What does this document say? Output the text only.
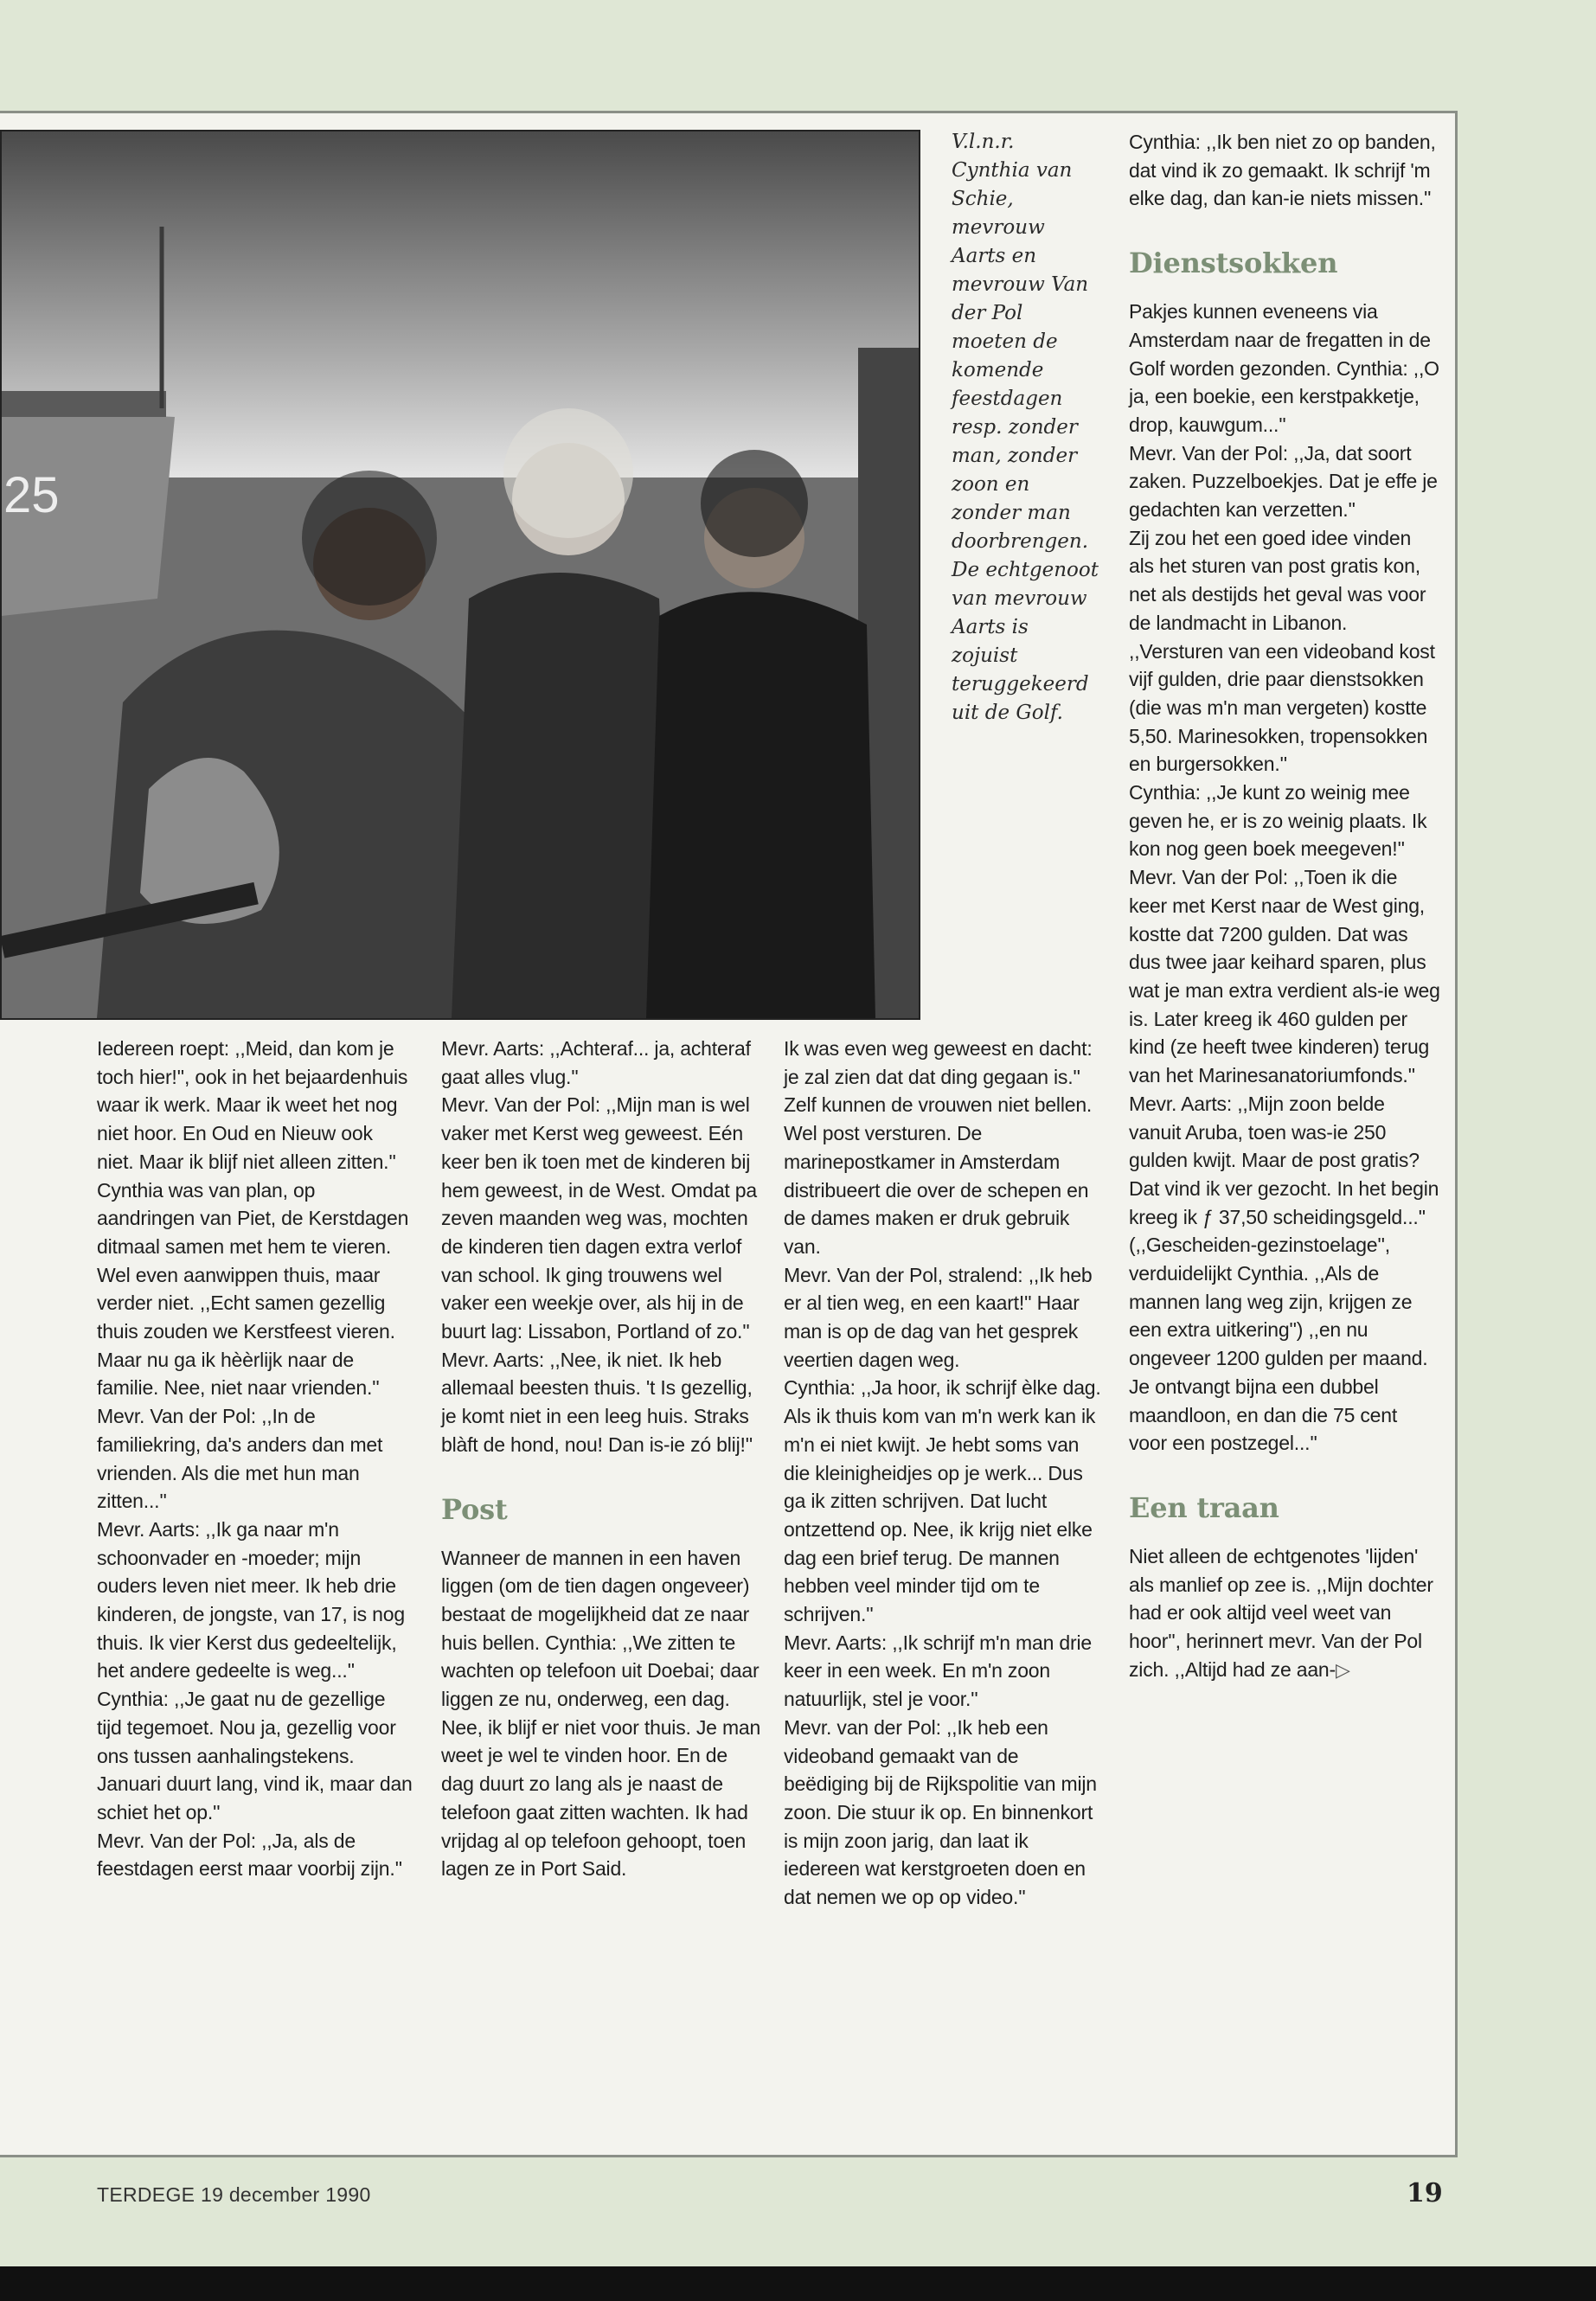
25
V.l.n.r. Cynthia van Schie, mevrouw Aarts en mevrouw Van der Pol moeten de komende feestdagen resp. zonder man, zonder zoon en zonder man doorbrengen. De echtgenoot van mevrouw Aarts is zojuist teruggekeerd uit de Golf.

Iedereen roept: ,,Meid, dan kom je toch hier!'', ook in het bejaardenhuis waar ik werk. Maar ik weet het nog niet hoor. En Oud en Nieuw ook niet. Maar ik blijf niet alleen zitten.''
Cynthia was van plan, op aandringen van Piet, de Kerstdagen ditmaal samen met hem te vieren. Wel even aanwippen thuis, maar verder niet. ,,Echt samen gezellig thuis zouden we Kerstfeest vieren. Maar nu ga ik hèèrlijk naar de familie. Nee, niet naar vrienden.''
Mevr. Van der Pol: ,,In de familiekring, da's anders dan met vrienden. Als die met hun man zitten...''
Mevr. Aarts: ,,Ik ga naar m'n schoonvader en -moeder; mijn ouders leven niet meer. Ik heb drie kinderen, de jongste, van 17, is nog thuis. Ik vier Kerst dus gedeeltelijk, het andere gedeelte is weg...''
Cynthia: ,,Je gaat nu de gezellige tijd tegemoet. Nou ja, gezellig voor ons tussen aanhalingstekens. Januari duurt lang, vind ik, maar dan schiet het op.''
Mevr. Van der Pol: ,,Ja, als de feestdagen eerst maar voorbij zijn.''

Mevr. Aarts: ,,Achteraf... ja, achteraf gaat alles vlug.''
Mevr. Van der Pol: ,,Mijn man is wel vaker met Kerst weg geweest. Eén keer ben ik toen met de kinderen bij hem geweest, in de West. Omdat pa zeven maanden weg was, mochten de kinderen tien dagen extra verlof van school. Ik ging trouwens wel vaker een weekje over, als hij in de buurt lag: Lissabon, Portland of zo.''
Mevr. Aarts: ,,Nee, ik niet. Ik heb allemaal beesten thuis. 't Is gezellig, je komt niet in een leeg huis. Straks blàft de hond, nou! Dan is-ie zó blij!''

Post

Wanneer de mannen in een haven liggen (om de tien dagen ongeveer) bestaat de mogelijkheid dat ze naar huis bellen. Cynthia: ,,We zitten te wachten op telefoon uit Doebai; daar liggen ze nu, onderweg, een dag. Nee, ik blijf er niet voor thuis. Je man weet je wel te vinden hoor. En de dag duurt zo lang als je naast de telefoon gaat zitten wachten. Ik had vrijdag al op telefoon gehoopt, toen lagen ze in Port Said.

Ik was even weg geweest en dacht: je zal zien dat dat ding gegaan is.''
Zelf kunnen de vrouwen niet bellen. Wel post versturen. De marinepostkamer in Amsterdam distribueert die over de schepen en de dames maken er druk gebruik van.
Mevr. Van der Pol, stralend: ,,Ik heb er al tien weg, en een kaart!'' Haar man is op de dag van het gesprek veertien dagen weg.
Cynthia: ,,Ja hoor, ik schrijf èlke dag. Als ik thuis kom van m'n werk kan ik m'n ei niet kwijt. Je hebt soms van die kleinigheidjes op je werk... Dus ga ik zitten schrijven. Dat lucht ontzettend op. Nee, ik krijg niet elke dag een brief terug. De mannen hebben veel minder tijd om te schrijven.''
Mevr. Aarts: ,,Ik schrijf m'n man drie keer in een week. En m'n zoon natuurlijk, stel je voor.''
Mevr. van der Pol: ,,Ik heb een videoband gemaakt van de beëdiging bij de Rijkspolitie van mijn zoon. Die stuur ik op. En binnenkort is mijn zoon jarig, dan laat ik iedereen wat kerstgroeten doen en dat nemen we op op video.''

Cynthia: ,,Ik ben niet zo op banden, dat vind ik zo gemaakt. Ik schrijf 'm elke dag, dan kan-ie niets missen.''

Dienstsokken

Pakjes kunnen eveneens via Amsterdam naar de fregatten in de Golf worden gezonden. Cynthia: ,,O ja, een boekie, een kerstpakketje, drop, kauwgum...''
Mevr. Van der Pol: ,,Ja, dat soort zaken. Puzzelboekjes. Dat je effe je gedachten kan verzetten.''
Zij zou het een goed idee vinden als het sturen van post gratis kon, net als destijds het geval was voor de landmacht in Libanon.
,,Versturen van een videoband kost vijf gulden, drie paar dienstsokken (die was m'n man vergeten) kostte 5,50. Marinesokken, tropensokken en burgersokken.''
Cynthia: ,,Je kunt zo weinig mee geven he, er is zo weinig plaats. Ik kon nog geen boek meegeven!''
Mevr. Van der Pol: ,,Toen ik die keer met Kerst naar de West ging, kostte dat 7200 gulden. Dat was dus twee jaar keihard sparen, plus wat je man extra verdient als-ie weg is. Later kreeg ik 460 gulden per kind (ze heeft twee kinderen) terug van het Marinesanatoriumfonds.''
Mevr. Aarts: ,,Mijn zoon belde vanuit Aruba, toen was-ie 250 gulden kwijt. Maar de post gratis? Dat vind ik ver gezocht. In het begin kreeg ik ƒ 37,50 scheidingsgeld...'' (,,Gescheiden-gezinstoelage'', verduidelijkt Cynthia. ,,Als de mannen lang weg zijn, krijgen ze een extra uitkering'') ,,en nu ongeveer 1200 gulden per maand. Je ontvangt bijna een dubbel maandloon, en dan die 75 cent voor een postzegel...''

Een traan

Niet alleen de echtgenotes 'lijden' als manlief op zee is. ,,Mijn dochter had er ook altijd veel weet van hoor'', herinnert mevr. Van der Pol zich. ,,Altijd had ze aan-▷

TERDEGE 19 december 1990	19
